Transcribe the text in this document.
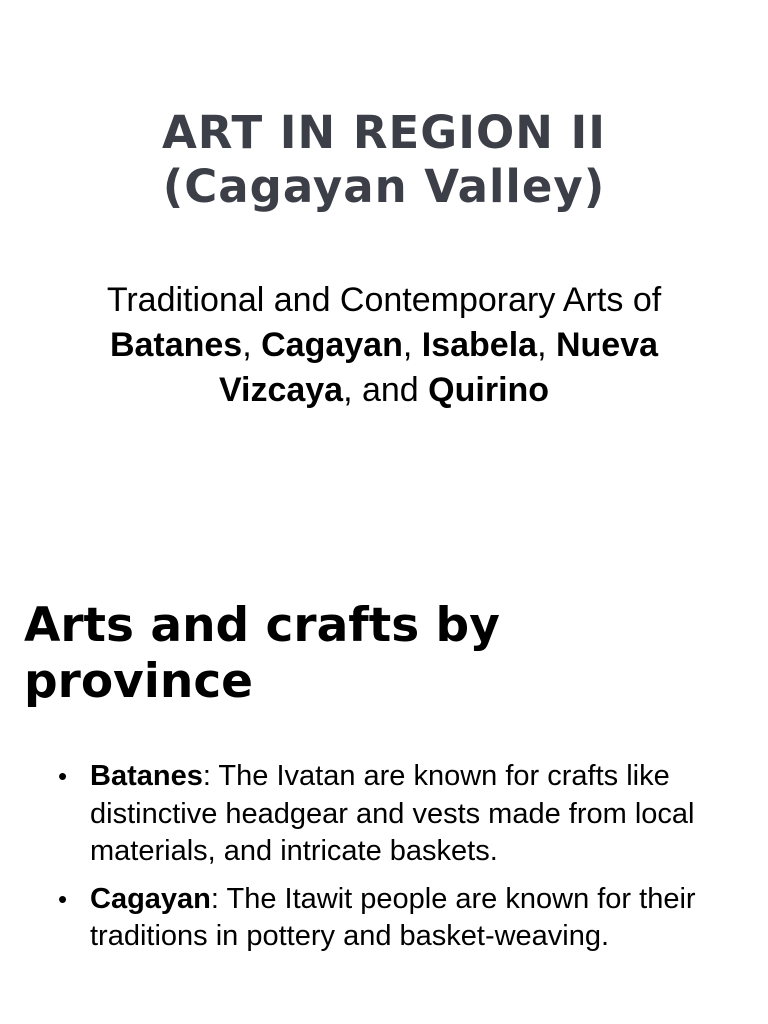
ART IN REGION II
(Cagayan Valley)
Traditional and Contemporary Arts of
Batanes, Cagayan, Isabela, Nueva
Vizcaya, and Quirino
Arts and crafts by
province
• Batanes: The Ivatan are known for crafts like distinctive headgear and vests made from local materials, and intricate baskets.
• Cagayan: The Itawit people are known for their traditions in pottery and basket-weaving.
